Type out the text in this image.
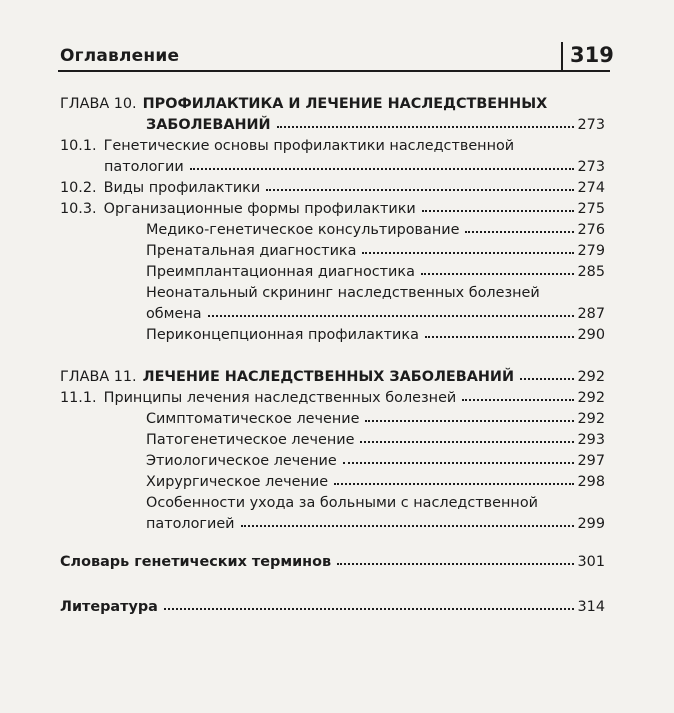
Оглавление	319
ГЛАВА 10. ПРОФИЛАКТИКА И ЛЕЧЕНИЕ НАСЛЕДСТВЕННЫХ
ЗАБОЛЕВАНИЙ	273
10.1. Генетические основы профилактики наследственной
патологии	273
10.2. Виды профилактики	274
10.3. Организационные формы профилактики	275
Медико-генетическое консультирование	276
Пренатальная диагностика	279
Преимплантационная диагностика	285
Неонатальный скрининг наследственных болезней
обмена	287
Периконцепционная профилактика	290
ГЛАВА 11. ЛЕЧЕНИЕ НАСЛЕДСТВЕННЫХ ЗАБОЛЕВАНИЙ	292
11.1. Принципы лечения наследственных болезней	292
Симптоматическое лечение	292
Патогенетическое лечение	293
Этиологическое лечение	297
Хирургическое лечение	298
Особенности ухода за больными с наследственной
патологией	299
Словарь генетических терминов	301
Литература	314
